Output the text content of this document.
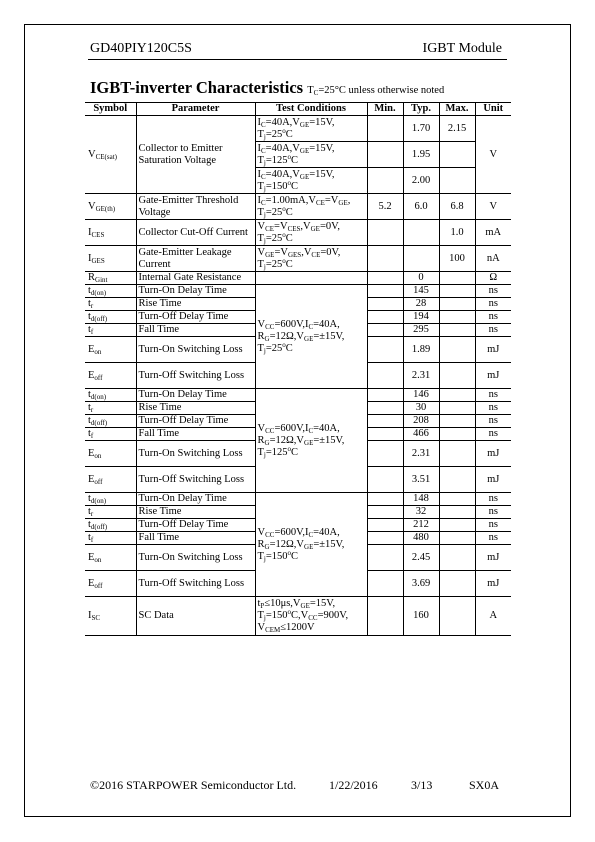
GD40PIY120C5S	IGBT Module
IGBT-inverter Characteristics $T_C=25^\circ C$ unless otherwise noted
Symbol	Parameter	Test Conditions	Min.	Typ.	Max.	Unit
$V_{CE(sat)}$	Collector to Emitter Saturation Voltage	$I_C=40A,V_{GE}=15V$,
$T_j=25^oC$		1.70	2.15	V
		$I_C=40A,V_{GE}=15V$,
$T_j=125^oC$		1.95		
		$I_C=40A,V_{GE}=15V$,
$T_j=150^oC$		2.00		
$V_{GE(th)}$	Gate-Emitter Threshold Voltage	$I_C=1.00mA,V_{CE}=V_{GE}$,
$T_j=25^oC$	5.2	6.0	6.8	V
$I_{CES}$	Collector Cut-Off Current	$V_{CE}=V_{CES},V_{GE}=0V$,
$T_j=25^oC$			1.0	mA
$I_{GES}$	Gate-Emitter Leakage Current	$V_{GE}=V_{GES},V_{CE}=0V$,
$T_j=25^oC$			100	nA
$R_{Gint}$	Internal Gate Resistance			0		Ω
$t_{d(on)}$	Turn-On Delay Time	$V_{CC}=600V,I_C=40A$,
$R_G=12\Omega,V_{GE}=\pm 15V$,
$T_j=25^oC$		145		ns
$t_r$	Rise Time			28		ns
$t_{d(off)}$	Turn-Off Delay Time			194		ns
$t_f$	Fall Time			295		ns
$E_{on}$	Turn-On Switching Loss			1.89		mJ
$E_{off}$	Turn-Off Switching Loss			2.31		mJ
$t_{d(on)}$	Turn-On Delay Time	$V_{CC}=600V,I_C=40A$,
$R_G=12\Omega,V_{GE}=\pm 15V$,
$T_j=125^oC$		146		ns
$t_r$	Rise Time			30		ns
$t_{d(off)}$	Turn-Off Delay Time			208		ns
$t_f$	Fall Time			466		ns
$E_{on}$	Turn-On Switching Loss			2.31		mJ
$E_{off}$	Turn-Off Switching Loss			3.51		mJ
$t_{d(on)}$	Turn-On Delay Time	$V_{CC}=600V,I_C=40A$,
$R_G=12\Omega,V_{GE}=\pm 15V$,
$T_j=150^oC$		148		ns
$t_r$	Rise Time			32		ns
$t_{d(off)}$	Turn-Off Delay Time			212		ns
$t_f$	Fall Time			480		ns
$E_{on}$	Turn-On Switching Loss			2.45		mJ
$E_{off}$	Turn-Off Switching Loss			3.69		mJ
$I_{SC}$	SC Data	$t_P\le 10\mu s,V_{GE}=15V$,
$T_j=150^oC,V_{CC}=900V$,
$V_{CEM}\le 1200V$		160		A
©2016 STARPOWER Semiconductor Ltd.	1/22/2016	3/13	SX0A
